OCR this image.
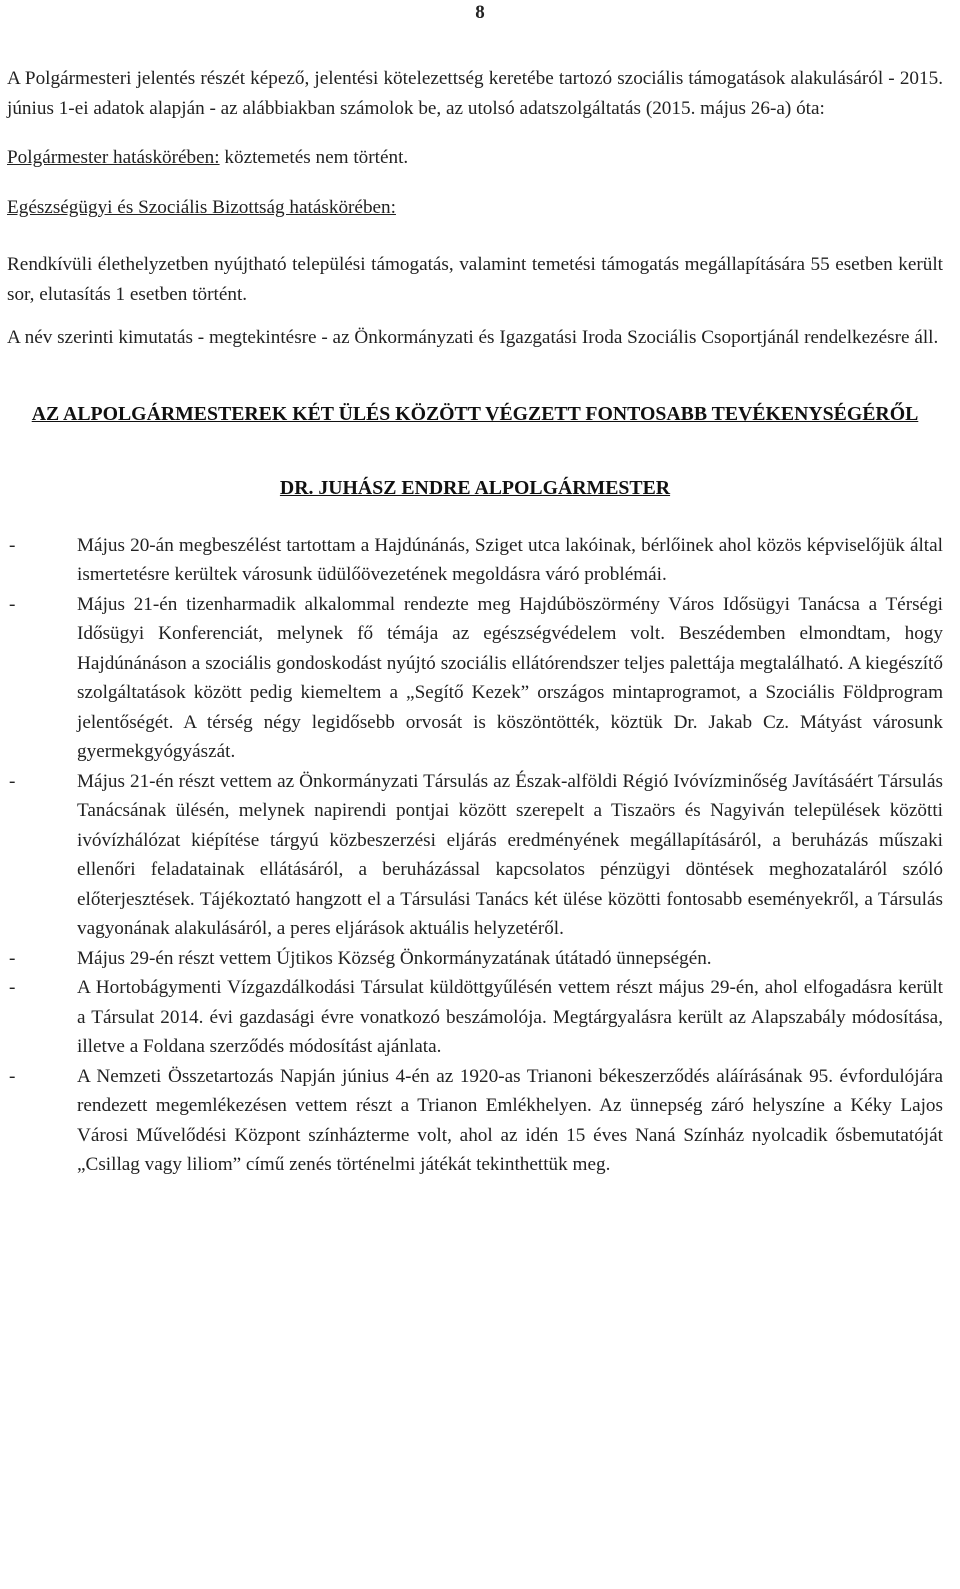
8

A Polgármesteri jelentés részét képező, jelentési kötelezettség keretébe tartozó szociális támogatások alakulásáról - 2015. június 1-ei adatok alapján - az alábbiakban számolok be, az utolsó adatszolgáltatás (2015. május 26-a) óta:

Polgármester hatáskörében: köztemetés nem történt.

Egészségügyi és Szociális Bizottság hatáskörében:

Rendkívüli élethelyzetben nyújtható települési támogatás, valamint temetési támogatás megállapítására 55 esetben került sor, elutasítás 1 esetben történt.

A név szerinti kimutatás - megtekintésre - az Önkormányzati és Igazgatási Iroda Szociális Csoportjánál rendelkezésre áll.

AZ ALPOLGÁRMESTEREK KÉT ÜLÉS KÖZÖTT VÉGZETT FONTOSABB TEVÉKENYSÉGÉRŐL
DR. JUHÁSZ ENDRE ALPOLGÁRMESTER
-	Május 20-án megbeszélést tartottam a Hajdúnánás, Sziget utca lakóinak, bérlőinek ahol közös képviselőjük által ismertetésre kerültek városunk üdülőövezetének megoldásra váró problémái.
-	Május 21-én tizenharmadik alkalommal rendezte meg Hajdúböszörmény Város Idősügyi Tanácsa a Térségi Idősügyi Konferenciát, melynek fő témája az egészségvédelem volt. Beszédemben elmondtam, hogy Hajdúnánáson a szociális gondoskodást nyújtó szociális ellátórendszer teljes palettája megtalálható. A kiegészítő szolgáltatások között pedig kiemeltem a „Segítő Kezek” országos mintaprogramot, a Szociális Földprogram jelentőségét. A térség négy legidősebb orvosát is köszöntötték, köztük Dr. Jakab Cz. Mátyást városunk gyermekgyógyászát.
-	Május 21-én részt vettem az Önkormányzati Társulás az Észak-alföldi Régió Ivóvízminőség Javításáért Társulás Tanácsának ülésén, melynek napirendi pontjai között szerepelt a Tiszaörs és Nagyiván települések közötti ivóvízhálózat kiépítése tárgyú közbeszerzési eljárás eredményének megállapításáról, a beruházás műszaki ellenőri feladatainak ellátásáról, a beruházással kapcsolatos pénzügyi döntések meghozataláról szóló előterjesztések. Tájékoztató hangzott el a Társulási Tanács két ülése közötti fontosabb eseményekről, a Társulás vagyonának alakulásáról, a peres eljárások aktuális helyzetéről.
-	Május 29-én részt vettem Újtikos Község Önkormányzatának útátadó ünnepségén.
-	A Hortobágymenti Vízgazdálkodási Társulat küldöttgyűlésén vettem részt május 29-én, ahol elfogadásra került a Társulat 2014. évi gazdasági évre vonatkozó beszámolója. Megtárgyalásra került az Alapszabály módosítása, illetve a Foldana szerződés módosítást ajánlata.
-	A Nemzeti Összetartozás Napján június 4-én az 1920-as Trianoni békeszerződés aláírásának 95. évfordulójára rendezett megemlékezésen vettem részt a Trianon Emlékhelyen. Az ünnepség záró helyszíne a Kéky Lajos Városi Művelődési Központ színházterme volt, ahol az idén 15 éves Naná Színház nyolcadik ősbemutatóját „Csillag vagy liliom” című zenés történelmi játékát tekinthettük meg.
